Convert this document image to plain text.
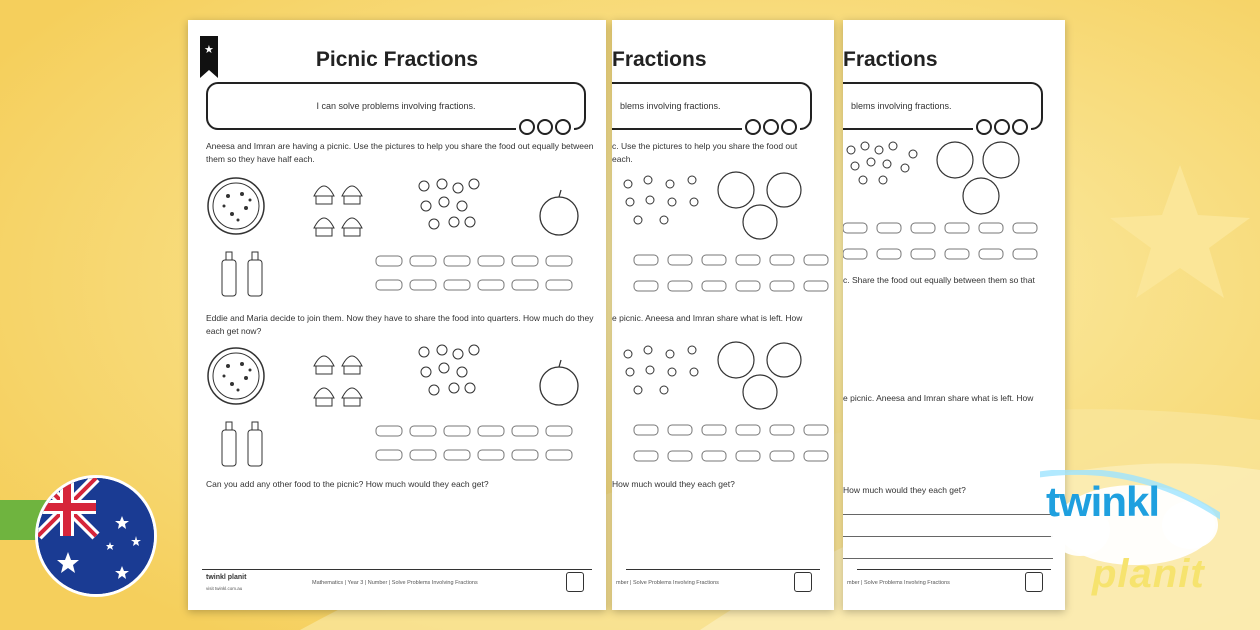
Fractions
blems involving fractions.
c. Share the food out equally between them so that
e picnic. Aneesa and Imran share what is left. How
How much would they each get?
mber | Solve Problems Involving Fractions
Fractions
blems involving fractions.
c. Use the pictures to help you share the food out
each.
e picnic. Aneesa and Imran share what is left. How
How much would they each get?
mber | Solve Problems Involving Fractions
★	Picnic Fractions
I can solve problems involving fractions.
Aneesa and Imran are having a picnic. Use the pictures to help you share the food out equally between them so they have half each.
Eddie and Maria decide to join them. Now they have to share the food into quarters. How much do they each get now?
Can you add any other food to the picnic? How much would they each get?
twinkl planit
Mathematics | Year 3 | Number | Solve Problems Involving Fractions
visit twinkl.com.au
twinkl
planit
